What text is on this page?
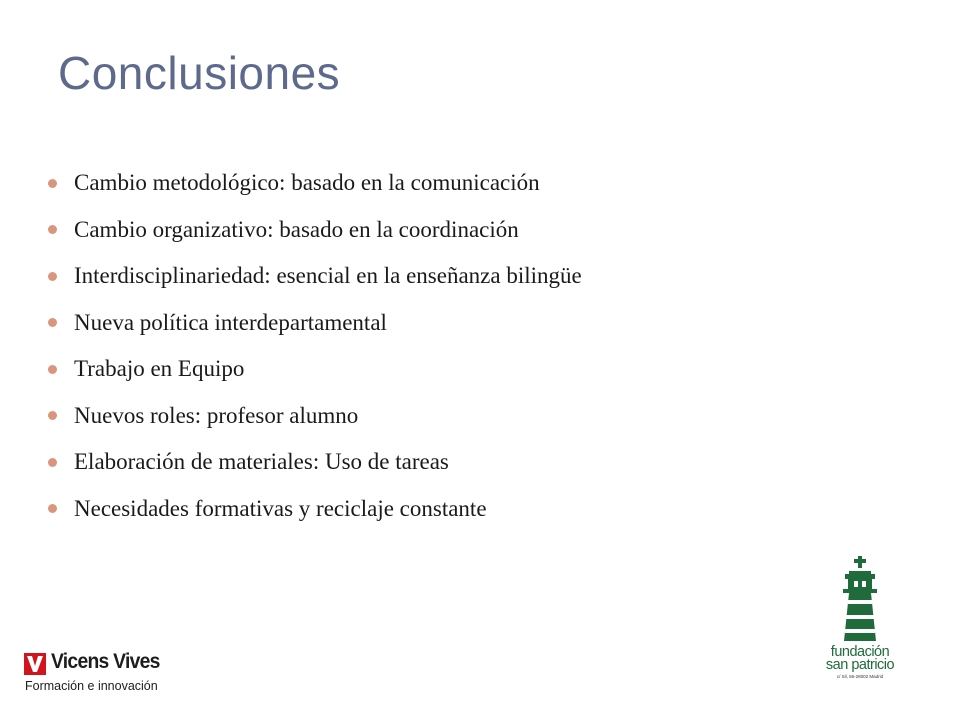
Conclusiones
Cambio metodológico: basado en la comunicación
Cambio organizativo: basado en la coordinación
Interdisciplinariedad: esencial en la enseñanza bilingüe
Nueva política interdepartamental
Trabajo en Equipo
Nuevos roles: profesor alumno
Elaboración de materiales: Uso de tareas
Necesidades formativas y reciclaje constante
Vicens Vives
Formación e innovación
fundación
san patricio
c/ Sil, 56-28002 Madrid
